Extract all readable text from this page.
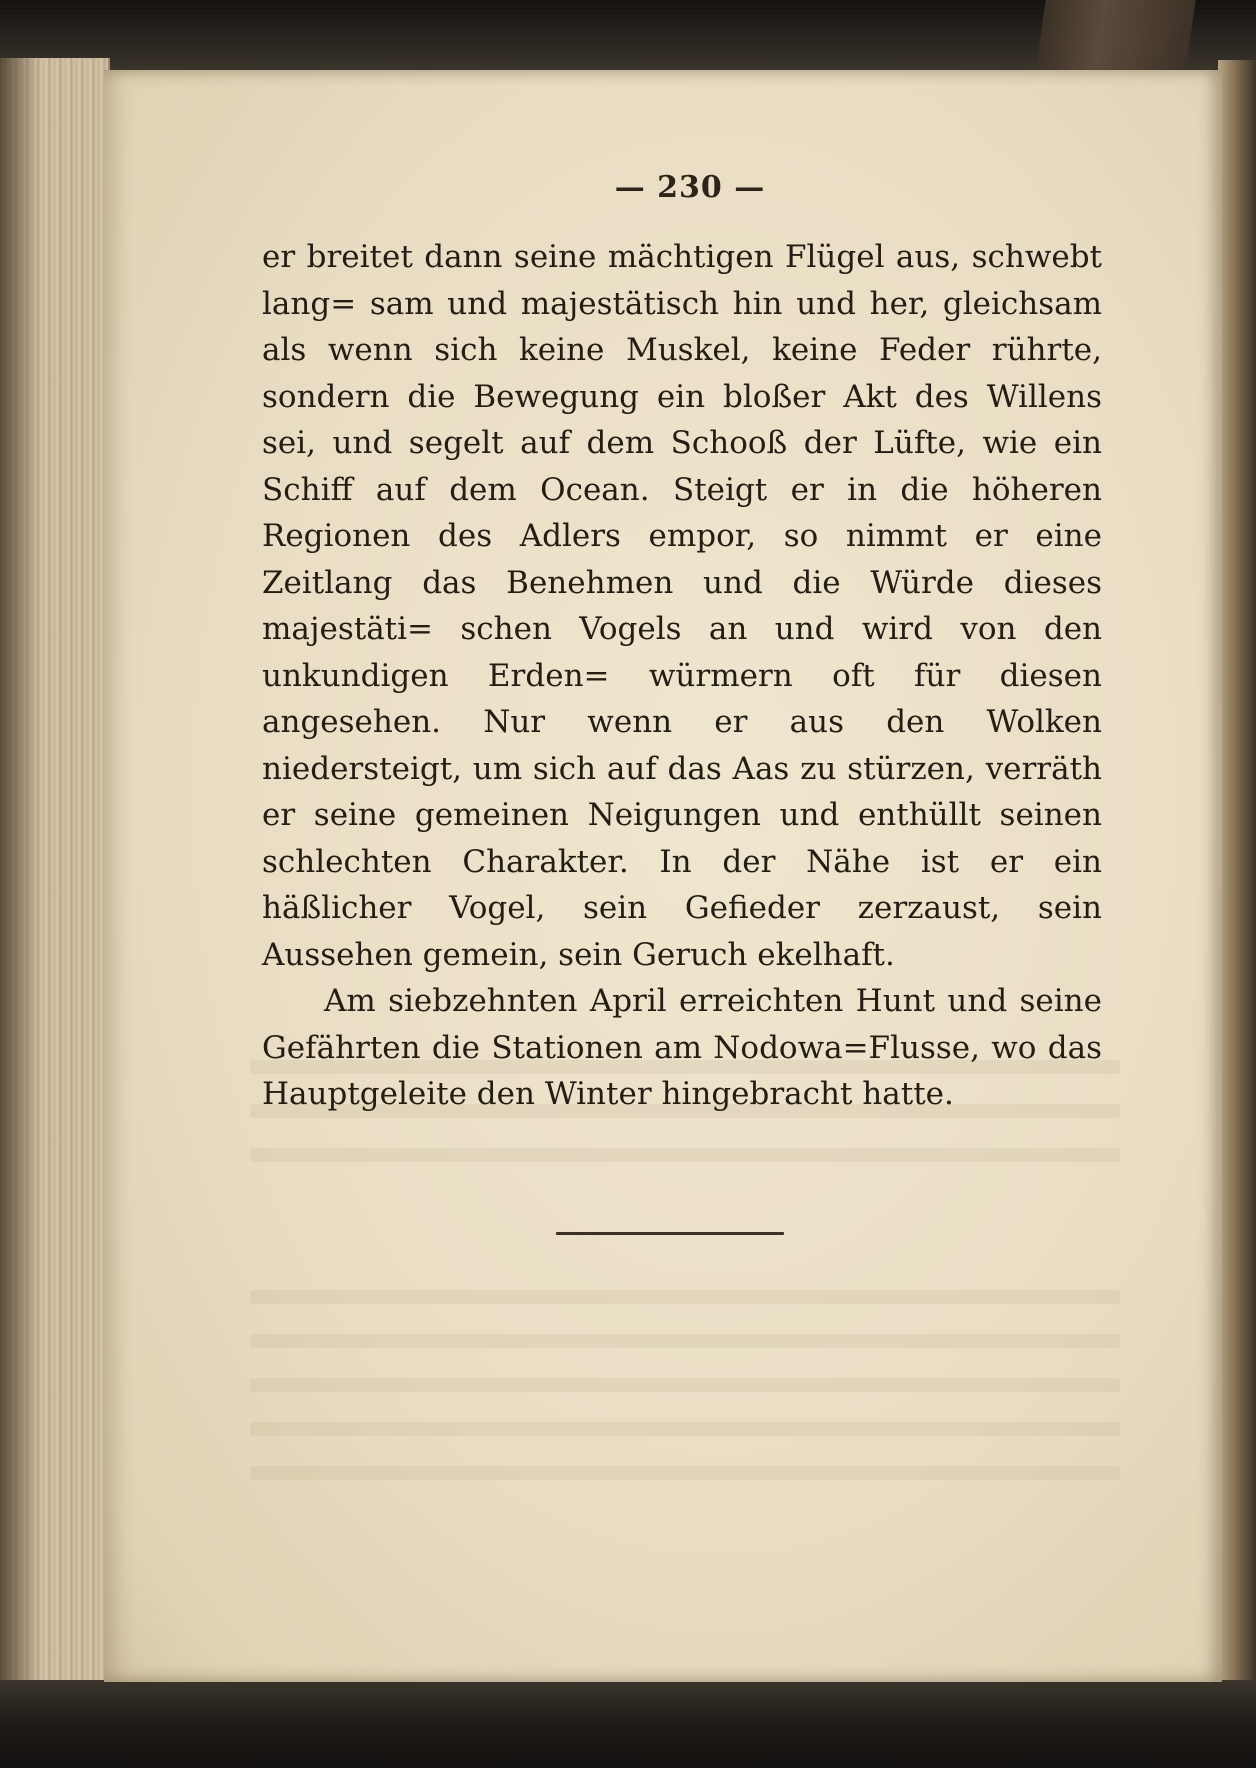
— 230 —

er breitet dann seine mächtigen Flügel aus, schwebt lang= sam und majestätisch hin und her, gleichsam als wenn sich keine Muskel, keine Feder rührte, sondern die Bewegung ein bloßer Akt des Willens sei, und segelt auf dem Schooß der Lüfte, wie ein Schiff auf dem Ocean. Steigt er in die höheren Regionen des Adlers empor, so nimmt er eine Zeitlang das Benehmen und die Würde dieses majestäti= schen Vogels an und wird von den unkundigen Erden= würmern oft für diesen angesehen. Nur wenn er aus den Wolken niedersteigt, um sich auf das Aas zu stürzen, verräth er seine gemeinen Neigungen und enthüllt seinen schlechten Charakter. In der Nähe ist er ein häßlicher Vogel, sein Gefieder zerzaust, sein Aussehen gemein, sein Geruch ekelhaft.

Am siebzehnten April erreichten Hunt und seine Gefährten die Stationen am Nodowa=Flusse, wo das Hauptgeleite den Winter hingebracht hatte.
